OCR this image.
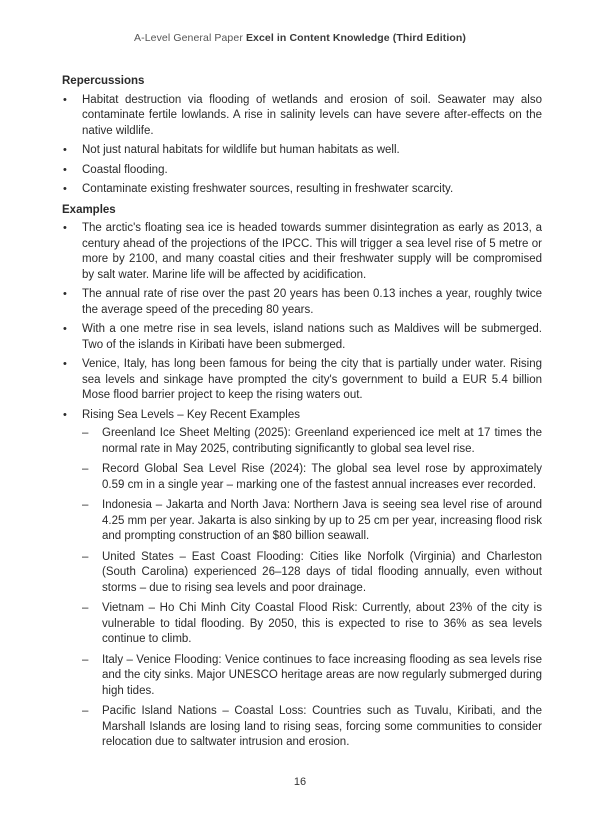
A-Level General Paper Excel in Content Knowledge (Third Edition)
Repercussions
• Habitat destruction via flooding of wetlands and erosion of soil. Seawater may also contaminate fertile lowlands. A rise in salinity levels can have severe after-effects on the native wildlife.
• Not just natural habitats for wildlife but human habitats as well.
• Coastal flooding.
• Contaminate existing freshwater sources, resulting in freshwater scarcity.
Examples
• The arctic's floating sea ice is headed towards summer disintegration as early as 2013, a century ahead of the projections of the IPCC. This will trigger a sea level rise of 5 metre or more by 2100, and many coastal cities and their freshwater supply will be compromised by salt water. Marine life will be affected by acidification.
• The annual rate of rise over the past 20 years has been 0.13 inches a year, roughly twice the average speed of the preceding 80 years.
• With a one metre rise in sea levels, island nations such as Maldives will be submerged. Two of the islands in Kiribati have been submerged.
• Venice, Italy, has long been famous for being the city that is partially under water. Rising sea levels and sinkage have prompted the city's government to build a EUR 5.4 billion Mose flood barrier project to keep the rising waters out.
• Rising Sea Levels – Key Recent Examples
– Greenland Ice Sheet Melting (2025): Greenland experienced ice melt at 17 times the normal rate in May 2025, contributing significantly to global sea level rise.
– Record Global Sea Level Rise (2024): The global sea level rose by approximately 0.59 cm in a single year – marking one of the fastest annual increases ever recorded.
– Indonesia – Jakarta and North Java: Northern Java is seeing sea level rise of around 4.25 mm per year. Jakarta is also sinking by up to 25 cm per year, increasing flood risk and prompting construction of an $80 billion seawall.
– United States – East Coast Flooding: Cities like Norfolk (Virginia) and Charleston (South Carolina) experienced 26–128 days of tidal flooding annually, even without storms – due to rising sea levels and poor drainage.
– Vietnam – Ho Chi Minh City Coastal Flood Risk: Currently, about 23% of the city is vulnerable to tidal flooding. By 2050, this is expected to rise to 36% as sea levels continue to climb.
– Italy – Venice Flooding: Venice continues to face increasing flooding as sea levels rise and the city sinks. Major UNESCO heritage areas are now regularly submerged during high tides.
– Pacific Island Nations – Coastal Loss: Countries such as Tuvalu, Kiribati, and the Marshall Islands are losing land to rising seas, forcing some communities to consider relocation due to saltwater intrusion and erosion.
16
